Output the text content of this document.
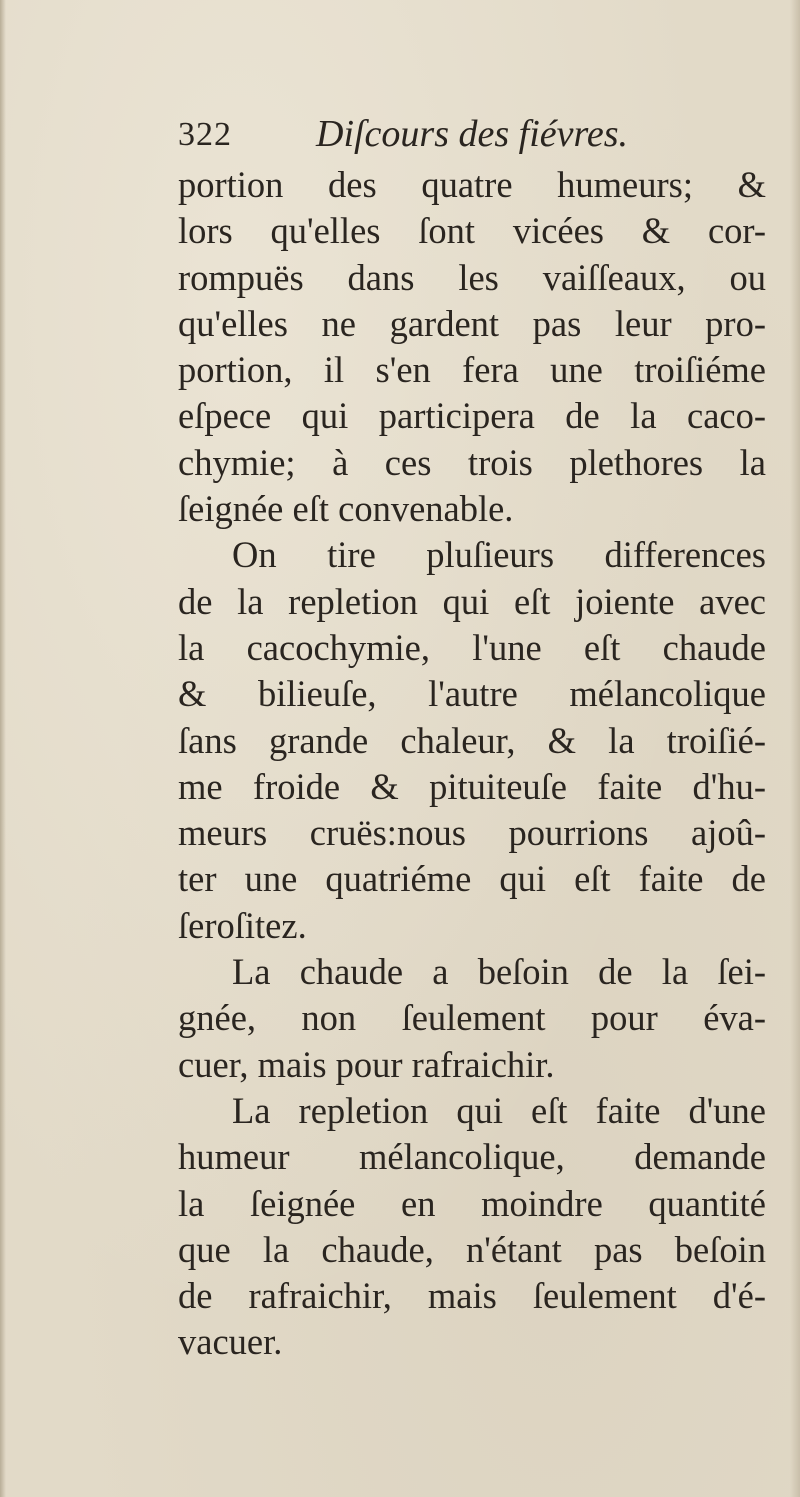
322 Diſcours des fiévres.
portion des quatre humeurs; &
lors qu'elles ſont vicées & cor-
rompuës dans les vaiſſeaux, ou
qu'elles ne gardent pas leur pro-
portion, il s'en fera une troiſiéme
eſpece qui participera de la caco-
chymie; à ces trois plethores la
ſeignée eſt convenable.
On tire pluſieurs differences
de la repletion qui eſt joiente avec
la cacochymie, l'une eſt chaude
& bilieuſe, l'autre mélancolique
ſans grande chaleur, & la troiſié-
me froide & pituiteuſe faite d'hu-
meurs cruës:nous pourrions ajoû-
ter une quatriéme qui eſt faite de
ſeroſitez.
La chaude a beſoin de la ſei-
gnée, non ſeulement pour éva-
cuer, mais pour rafraichir.
La repletion qui eſt faite d'une
humeur mélancolique, demande
la ſeignée en moindre quantité
que la chaude, n'étant pas beſoin
de rafraichir, mais ſeulement d'é-
vacuer.
